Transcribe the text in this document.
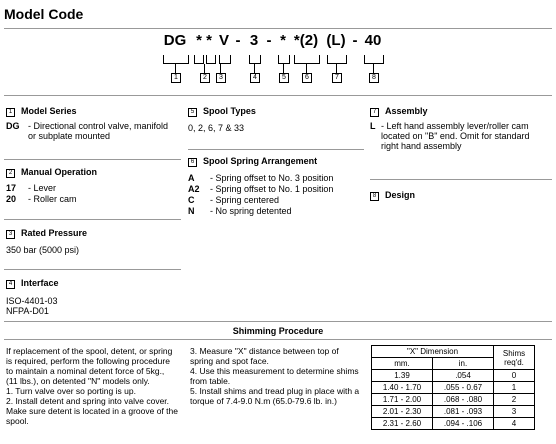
Model Code
DG * * V - 3 - * *(2) (L) - 40
1	2	3	4	5	6	7	8
1 Model Series
DG - Directional control valve, manifold or subplate mounted
2 Manual Operation
17	- Lever
20	- Roller cam
3 Rated Pressure
350 bar (5000 psi)
4 Interface
ISO-4401-03
NFPA-D01
5 Spool Types
0, 2, 6, 7 & 33
6 Spool Spring Arrangement
A	- Spring offset to No. 3 position
A2	- Spring offset to No. 1 position
C	- Spring centered
N	- No spring detented
7 Assembly
L - Left hand assembly lever/roller cam located on "B" end. Omit for standard right hand assembly
8 Design
Shimming Procedure
If replacement of the spool, detent, or spring is required, perform the following procedure to maintain a nominal detent force of 5kg., (11 lbs.), on detented "N" models only.
1. Turn valve over so porting is up.
2. Install detent and spring into valve cover. Make sure detent is located in a groove of the spool.
3. Measure "X" distance between top of spring and spot face.
4. Use this measurement to determine shims from table.
5. Install shims and tread plug in place with a torque of 7.4-9.0 N.m (65.0-79.6 lb. in.)
"X" Dimension		Shims req'd.
mm.	in.	
1.39	.054	0
1.40 - 1.70	.055 - 0.67	1
1.71 - 2.00	.068 - .080	2
2.01 - 2.30	.081 - .093	3
2.31 - 2.60	.094 - .106	4
